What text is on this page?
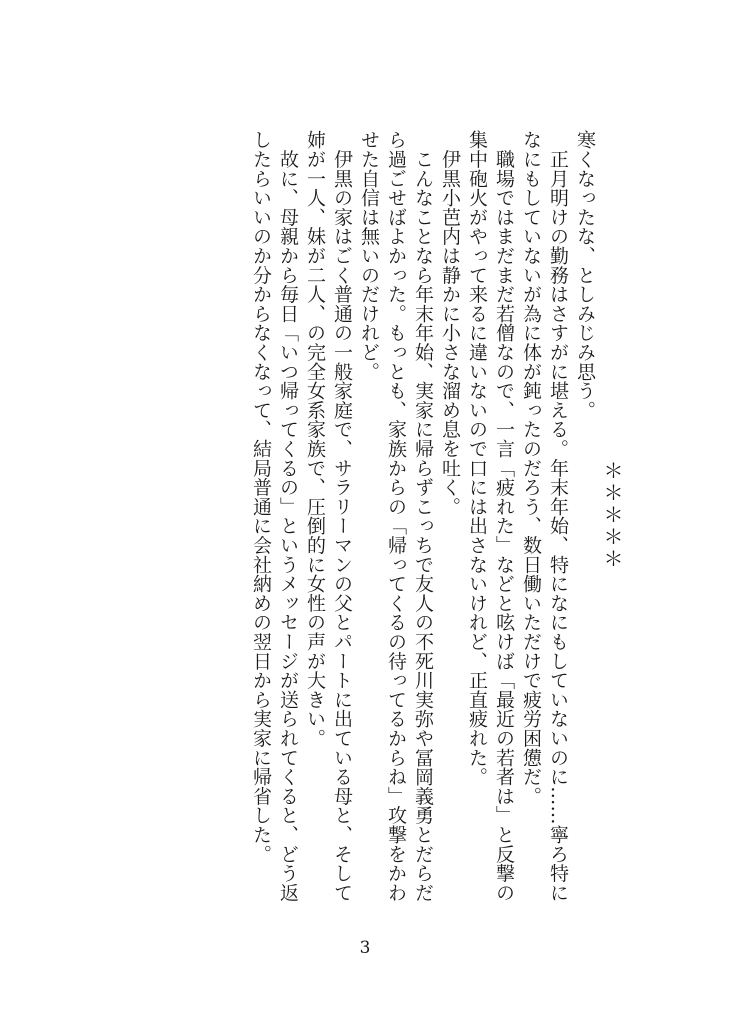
＊＊＊＊＊
寒くなったな、としみじみ思う。
　正月明けの勤務はさすがに堪える。年末年始、特になにもしていないのに……寧ろ特になにもしていないが為に体が鈍ったのだろう、数日働いただけで疲労困憊だ。
　職場ではまだまだ若僧なので、一言「疲れた」などと呟けば「最近の若者は」と反撃の集中砲火がやって来るに違いないので口には出さないけれど、正直疲れた。
　伊黒小芭内は静かに小さな溜め息を吐く。
　こんなことなら年末年始、実家に帰らずこっちで友人の不死川実弥や冨岡義勇とだらだら過ごせばよかった。もっとも、家族からの「帰ってくるの待ってるからね」攻撃をかわせた自信は無いのだけれど。
　伊黒の家はごく普通の一般家庭で、サラリーマンの父とパートに出ている母と、そして姉が一人、妹が二人、の完全女系家族で、圧倒的に女性の声が大きい。
　故に、母親から毎日「いつ帰ってくるの」というメッセージが送られてくると、どう返したらいいのか分からなくなって、結局普通に会社納めの翌日から実家に帰省した。
3
